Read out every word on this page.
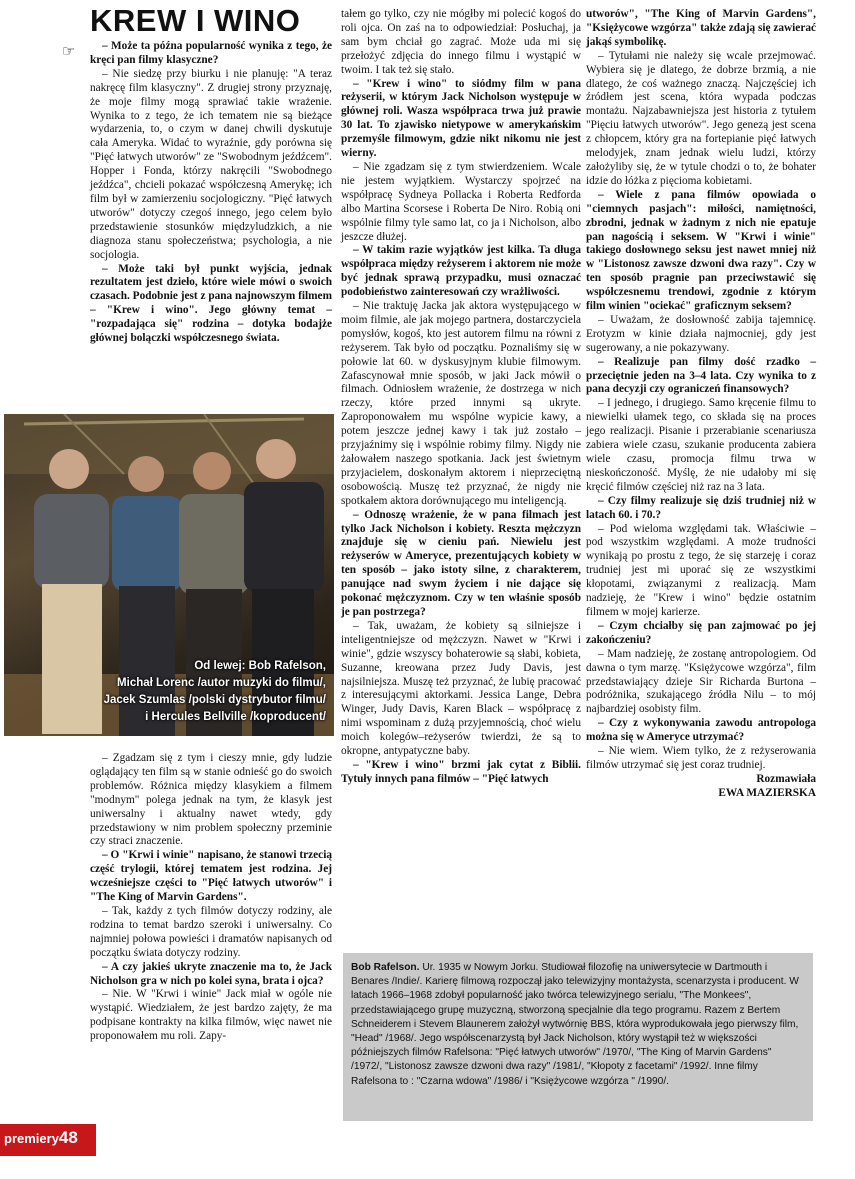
KREW I WINO
☞	– Może ta późna popularność wynika z tego, że kręci pan filmy klasyczne?

– Nie siedzę przy biurku i nie planuję: "A teraz nakręcę film klasyczny". Z drugiej strony przyznaję, że moje filmy mogą sprawiać takie wrażenie. Wynika to z tego, że ich tematem nie są bieżące wydarzenia, to, o czym w danej chwili dyskutuje cała Ameryka. Widać to wyraźnie, gdy porówna się "Pięć łatwych utworów" ze "Swobodnym jeźdźcem". Hopper i Fonda, którzy nakręcili "Swobodnego jeźdźca", chcieli pokazać współczesną Amerykę; ich film był w zamierzeniu socjologiczny. "Pięć łatwych utworów" dotyczy czegoś innego, jego celem było przedstawienie stosunków międzyludzkich, a nie diagnoza stanu społeczeństwa; psychologia, a nie socjologia.

– Może taki był punkt wyjścia, jednak rezultatem jest dzieło, które wiele mówi o swoich czasach. Podobnie jest z pana najnowszym filmem – "Krew i wino". Jego główny temat – "rozpadająca się" rodzina – dotyka bodajże głównej bolączki współczesnego świata.

Od lewej: Bob Rafelson,
Michał Lorenc /autor muzyki do filmu/,
Jacek Szumlas /polski dystrybutor filmu/
i Hercules Bellville /koproducent/

– Zgadzam się z tym i cieszy mnie, gdy ludzie oglądający ten film są w stanie odnieść go do swoich problemów. Różnica między klasykiem a filmem "modnym" polega jednak na tym, że klasyk jest uniwersalny i aktualny nawet wtedy, gdy przedstawiony w nim problem społeczny przeminie czy straci znaczenie.

– O "Krwi i winie" napisano, że stanowi trzecią część trylogii, której tematem jest rodzina. Jej wcześniejsze części to "Pięć łatwych utworów" i "The King of Marvin Gardens".

– Tak, każdy z tych filmów dotyczy rodziny, ale rodzina to temat bardzo szeroki i uniwersalny. Co najmniej połowa powieści i dramatów napisanych od początku świata dotyczy rodziny.

– A czy jakieś ukryte znaczenie ma to, że Jack Nicholson gra w nich po kolei syna, brata i ojca?

– Nie. W "Krwi i winie" Jack miał w ogóle nie wystąpić. Wiedziałem, że jest bardzo zajęty, że ma podpisane kontrakty na kilka filmów, więc nawet nie proponowałem mu roli. Zapy-

tałem go tylko, czy nie mógłby mi polecić kogoś do roli ojca. On zaś na to odpowiedział: Posłuchaj, ja sam bym chciał go zagrać. Może uda mi się przełożyć zdjęcia do innego filmu i wystąpić w twoim. I tak też się stało.

– "Krew i wino" to siódmy film w pana reżyserii, w którym Jack Nicholson występuje w głównej roli. Wasza współpraca trwa już prawie 30 lat. To zjawisko nietypowe w amerykańskim przemyśle filmowym, gdzie nikt nikomu nie jest wierny.

– Nie zgadzam się z tym stwierdzeniem. Wcale nie jestem wyjątkiem. Wystarczy spojrzeć na współpracę Sydneya Pollacka i Roberta Redforda albo Martina Scorsese i Roberta De Niro. Robią oni wspólnie filmy tyle samo lat, co ja i Nicholson, albo jeszcze dłużej.

– W takim razie wyjątków jest kilka. Ta długa współpraca między reżyserem i aktorem nie może być jednak sprawą przypadku, musi oznaczać podobieństwo zainteresowań czy wrażliwości.

– Nie traktuję Jacka jak aktora występującego w moim filmie, ale jak mojego partnera, dostarczyciela pomysłów, kogoś, kto jest autorem filmu na równi z reżyserem. Tak było od początku. Poznaliśmy się w połowie lat 60. w dyskusyjnym klubie filmowym. Zafascynował mnie sposób, w jaki Jack mówił o filmach. Odniosłem wrażenie, że dostrzega w nich rzeczy, które przed innymi są ukryte. Zaproponowałem mu wspólne wypicie kawy, a potem jeszcze jednej kawy i tak już zostało – przyjaźnimy się i wspólnie robimy filmy. Nigdy nie żałowałem naszego spotkania. Jack jest świetnym przyjacielem, doskonałym aktorem i nieprzeciętną osobowością. Muszę też przyznać, że nigdy nie spotkałem aktora dorównującego mu inteligencją.

– Odnoszę wrażenie, że w pana filmach jest tylko Jack Nicholson i kobiety. Reszta mężczyzn znajduje się w cieniu pań. Niewielu jest reżyserów w Ameryce, prezentujących kobiety w ten sposób – jako istoty silne, z charakterem, panujące nad swym życiem i nie dające się pokonać mężczyznom. Czy w ten właśnie sposób je pan postrzega?

– Tak, uważam, że kobiety są silniejsze i inteligentniejsze od mężczyzn. Nawet w "Krwi i winie", gdzie wszyscy bohaterowie są słabi, kobieta, Suzanne, kreowana przez Judy Davis, jest najsilniejsza. Muszę też przyznać, że lubię pracować z interesującymi aktorkami. Jessica Lange, Debra Winger, Judy Davis, Karen Black – współpracę z nimi wspominam z dużą przyjemnością, choć wielu moich kolegów–reżyserów twierdzi, że są to okropne, antypatyczne baby.

– "Krew i wino" brzmi jak cytat z Biblii. Tytuły innych pana filmów – "Pięć łatwych

utworów", "The King of Marvin Gardens", "Księżycowe wzgórza" także zdają się zawierać jakąś symbolikę.

– Tytułami nie należy się wcale przejmować. Wybiera się je dlatego, że dobrze brzmią, a nie dlatego, że coś ważnego znaczą. Najczęściej ich źródłem jest scena, która wypada podczas montażu. Najzabawniejsza jest historia z tytułem "Pięciu łatwych utworów". Jego genezą jest scena z chłopcem, który gra na fortepianie pięć łatwych melodyjek, znam jednak wielu ludzi, którzy założyliby się, że w tytule chodzi o to, że bohater idzie do łóżka z pięcioma kobietami.

– Wiele z pana filmów opowiada o "ciemnych pasjach": miłości, namiętności, zbrodni, jednak w żadnym z nich nie epatuje pan nagością i seksem. W "Krwi i winie" takiego dosłownego seksu jest nawet mniej niż w "Listonosz zawsze dzwoni dwa razy". Czy w ten sposób pragnie pan przeciwstawić się współczesnemu trendowi, zgodnie z którym film winien "ociekać" graficznym seksem?

– Uważam, że dosłowność zabija tajemnicę. Erotyzm w kinie działa najmocniej, gdy jest sugerowany, a nie pokazywany.

– Realizuje pan filmy dość rzadko – przeciętnie jeden na 3–4 lata. Czy wynika to z pana decyzji czy ograniczeń finansowych?

– I jednego, i drugiego. Samo kręcenie filmu to niewielki ułamek tego, co składa się na proces jego realizacji. Pisanie i przerabianie scenariusza zabiera wiele czasu, szukanie producenta zabiera wiele czasu, promocja filmu trwa w nieskończoność. Myślę, że nie udałoby mi się kręcić filmów częściej niż raz na 3 lata.

– Czy filmy realizuje się dziś trudniej niż w latach 60. i 70.?

– Pod wieloma względami tak. Właściwie – pod wszystkim względami. A może trudności wynikają po prostu z tego, że się starzeję i coraz trudniej jest mi uporać się ze wszystkimi kłopotami, związanymi z realizacją. Mam nadzieję, że "Krew i wino" będzie ostatnim filmem w mojej karierze.

– Czym chciałby się pan zajmować po jej zakończeniu?

– Mam nadzieję, że zostanę antropologiem. Od dawna o tym marzę. "Księżycowe wzgórza", film przedstawiający dzieje Sir Richarda Burtona – podróżnika, szukającego źródła Nilu – to mój najbardziej osobisty film.

– Czy z wykonywania zawodu antropologa można się w Ameryce utrzymać?

– Nie wiem. Wiem tylko, że z reżyserowania filmów utrzymać się jest coraz trudniej.

Rozmawiała

EWA MAZIERSKA

Bob Rafelson. Ur. 1935 w Nowym Jorku. Studiował filozofię na uniwersytecie w Dartmouth i Benares /Indie/. Karierę filmową rozpoczął jako telewizyjny montażysta, scenarzysta i producent. W latach 1966–1968 zdobył popularność jako twórca telewizyjnego serialu, "The Monkees", przedstawiającego grupę muzyczną, stworzoną specjalnie dla tego programu. Razem z Bertem Schneiderem i Stevem Blaunerem założył wytwórnię BBS, która wyprodukowała jego pierwszy film, "Head" /1968/. Jego współscenarzystą był Jack Nicholson, który wystąpił też w większości późniejszych filmów Rafelsona: "Pięć łatwych utworów" /1970/, "The King of Marvin Gardens" /1972/, "Listonosz zawsze dzwoni dwa razy" /1981/, "Kłopoty z facetami" /1992/. Inne filmy Rafelsona to : "Czarna wdowa" /1986/ i "Księżycowe wzgórza " /1990/.
premiery48
